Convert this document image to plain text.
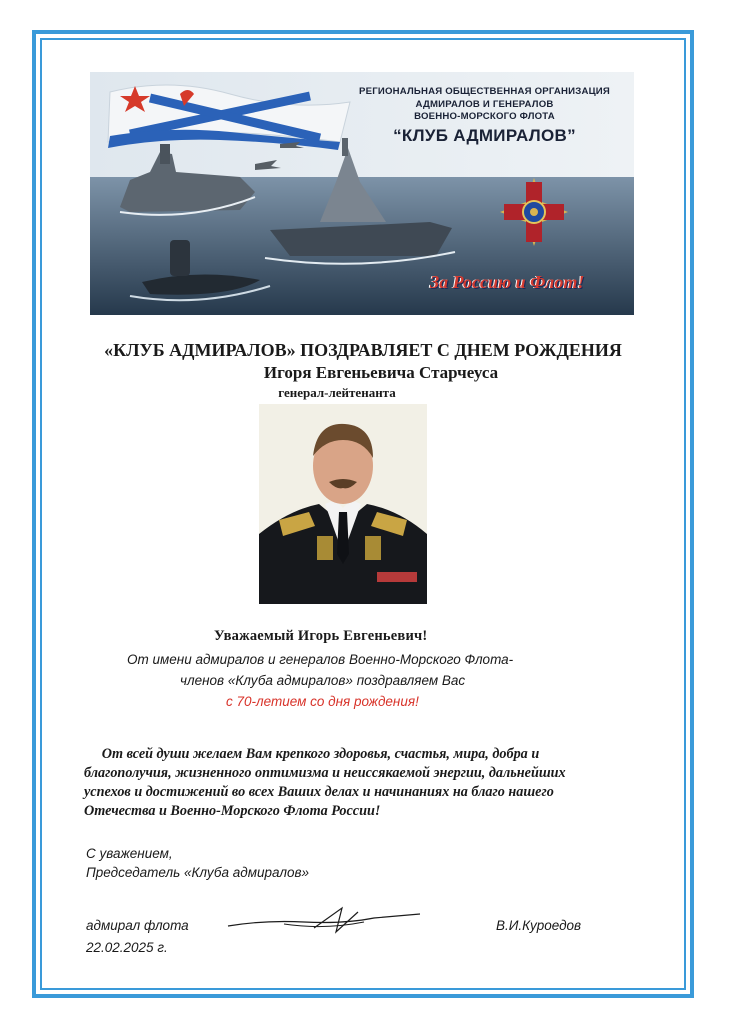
РЕГИОНАЛЬНАЯ ОБЩЕСТВЕННАЯ ОРГАНИЗАЦИЯ
АДМИРАЛОВ И ГЕНЕРАЛОВ
ВОЕННО-МОРСКОГО ФЛОТА
“КЛУБ АДМИРАЛОВ”
За Россию и Флот!
«КЛУБ АДМИРАЛОВ» ПОЗДРАВЛЯЕТ С ДНЕМ РОЖДЕНИЯ
Игоря Евгеньевича Старчеуса
генерал-лейтенанта
Уважаемый Игорь Евгеньевич!
От имени адмиралов и генералов Военно-Морского Флота-
членов «Клуба адмиралов» поздравляем Вас
с 70-летием со дня рождения!
От всей души желаем Вам крепкого здоровья, счастья, мира, добра и
благополучия, жизненного оптимизма и неиссякаемой энергии, дальнейших
успехов и достижений во всех Ваших делах и начинаниях на благо нашего
Отечества и Военно-Морского Флота России!
С уважением,
Председатель «Клуба адмиралов»
адмирал флота
22.02.2025 г.
В.И.Куроедов
